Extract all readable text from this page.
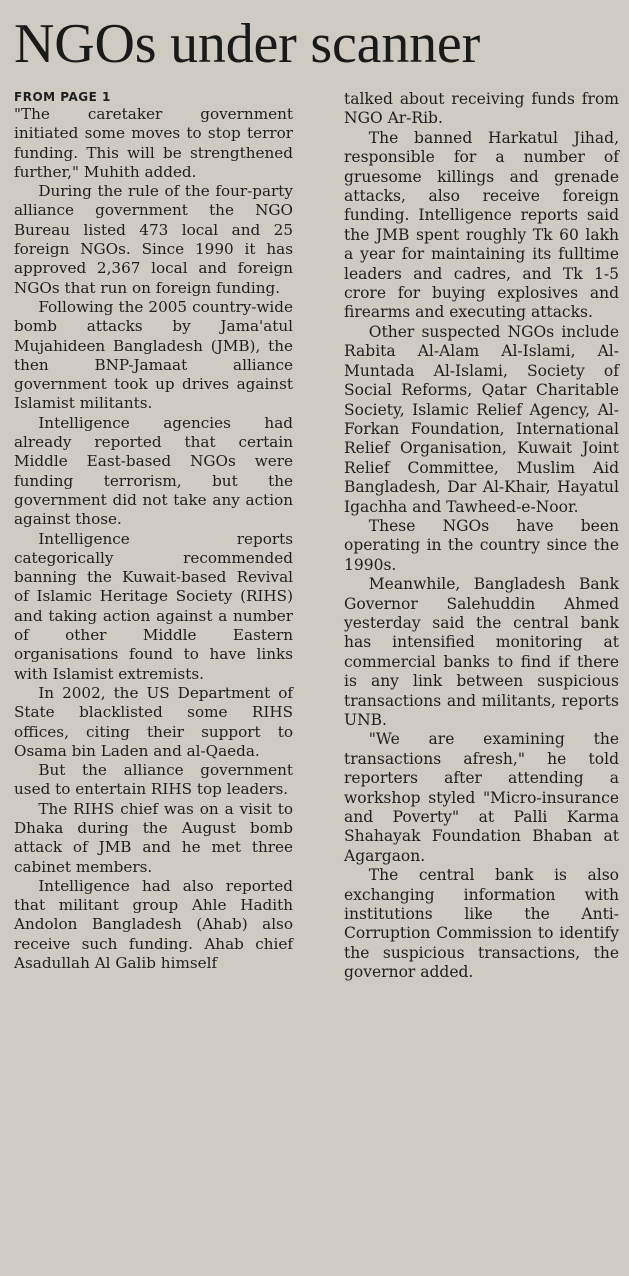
NGOs under scanner
FROM PAGE 1

"The caretaker government initiated some moves to stop terror funding. This will be strengthened further," Muhith added.

During the rule of the four-party alliance government the NGO Bureau listed 473 local and 25 foreign NGOs. Since 1990 it has approved 2,367 local and foreign NGOs that run on foreign funding.

Following the 2005 country-wide bomb attacks by Jama'atul Mujahideen Bangladesh (JMB), the then BNP-Jamaat alliance government took up drives against Islamist militants.

Intelligence agencies had already reported that certain Middle East-based NGOs were funding terrorism, but the government did not take any action against those.

Intelligence reports categorically recommended banning the Kuwait-based Revival of Islamic Heritage Society (RIHS) and taking action against a number of other Middle Eastern organisations found to have links with Islamist extremists.

In 2002, the US Department of State blacklisted some RIHS offices, citing their support to Osama bin Laden and al-Qaeda.

But the alliance government used to entertain RIHS top leaders.

The RIHS chief was on a visit to Dhaka during the August bomb attack of JMB and he met three cabinet members.

Intelligence had also reported that militant group Ahle Hadith Andolon Bangladesh (Ahab) also receive such funding. Ahab chief Asadullah Al Galib himself

talked about receiving funds from NGO Ar-Rib.

The banned Harkatul Jihad, responsible for a number of gruesome killings and grenade attacks, also receive foreign funding. Intelligence reports said the JMB spent roughly Tk 60 lakh a year for maintaining its fulltime leaders and cadres, and Tk 1-5 crore for buying explosives and firearms and executing attacks.

Other suspected NGOs include Rabita Al-Alam Al-Islami, Al-Muntada Al-Islami, Society of Social Reforms, Qatar Charitable Society, Islamic Relief Agency, Al-Forkan Foundation, International Relief Organisation, Kuwait Joint Relief Committee, Muslim Aid Bangladesh, Dar Al-Khair, Hayatul Igachha and Tawheed-e-Noor.

These NGOs have been operating in the country since the 1990s.

Meanwhile, Bangladesh Bank Governor Salehuddin Ahmed yesterday said the central bank has intensified monitoring at commercial banks to find if there is any link between suspicious transactions and militants, reports UNB.

"We are examining the transactions afresh," he told reporters after attending a workshop styled "Micro-insurance and Poverty" at Palli Karma Shahayak Foundation Bhaban at Agargaon.

The central bank is also exchanging information with institutions like the Anti-Corruption Commission to identify the suspicious transactions, the governor added.
